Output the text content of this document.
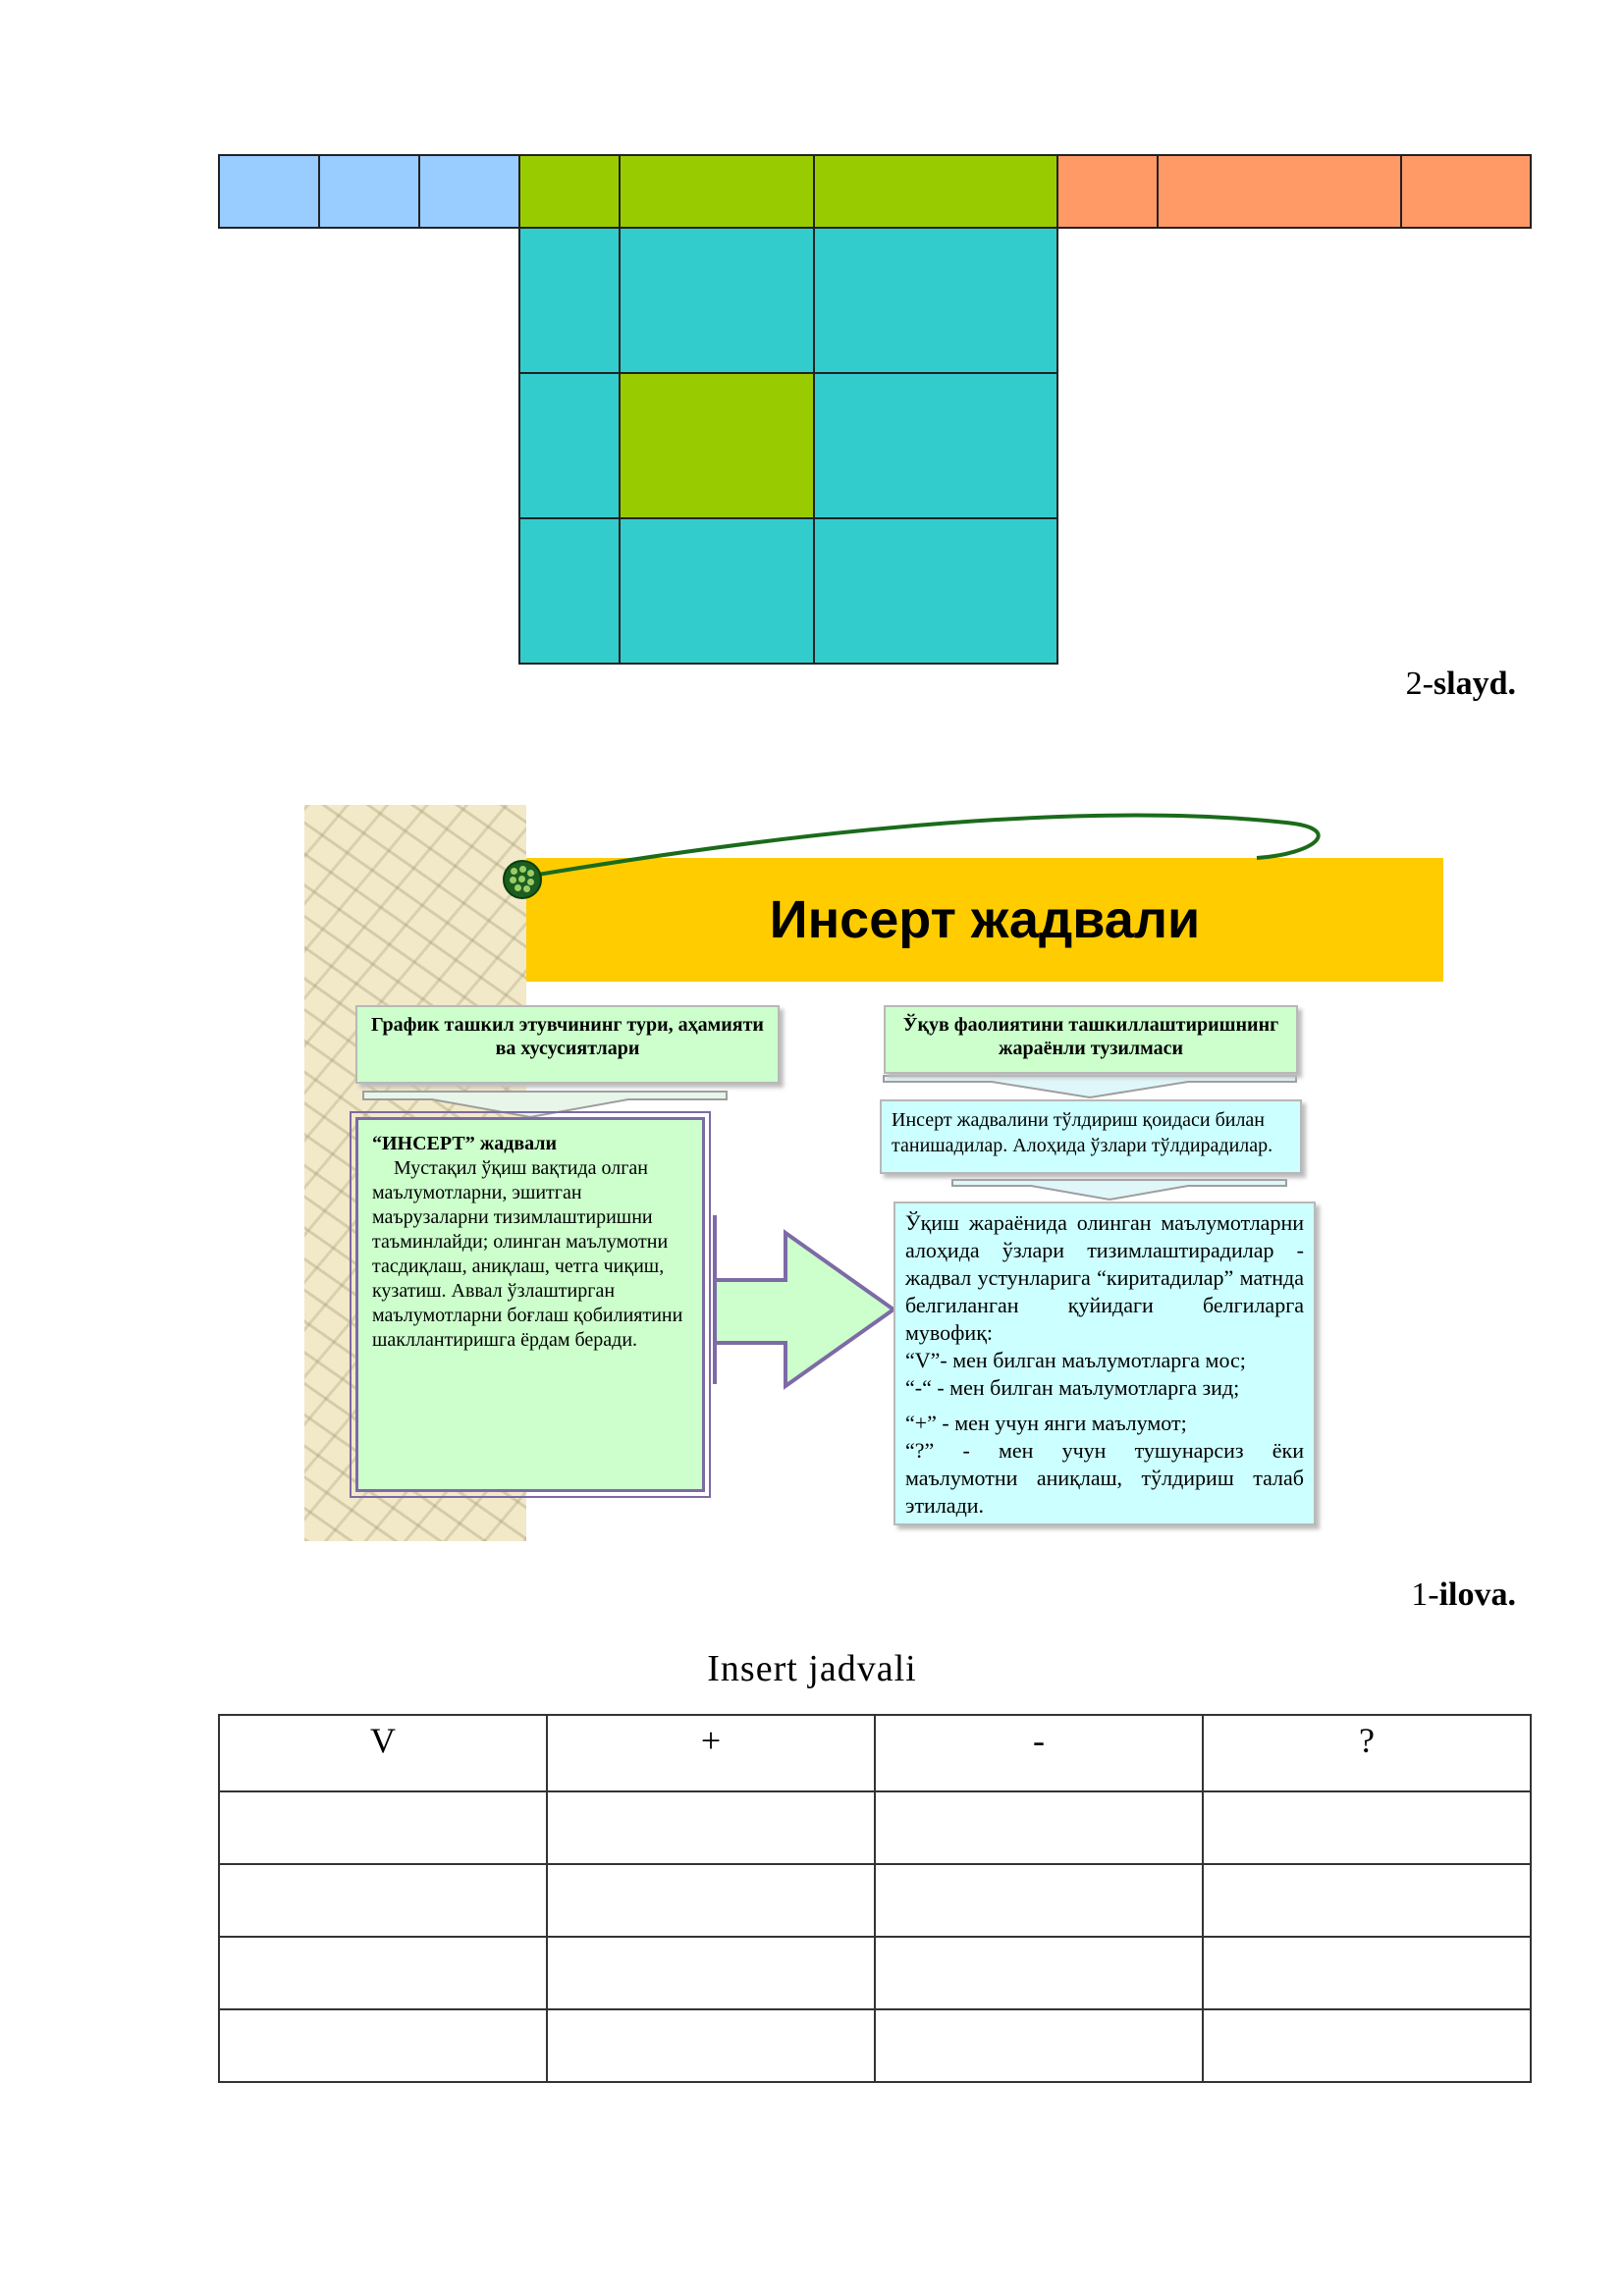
2-slayd.
Инсерт жадвали
График ташкил этувчининг тури, аҳамияти ва хусусиятлари
Ўқув фаолиятини ташкиллаштиришнинг жараёнли тузилмаси
“ИНСЕРТ” жадвали
Мустақил ўқиш вақтида олган маълумотларни, эшитган маърузаларни тизимлаштиришни таъминлайди; олинган маълумотни тасдиқлаш, аниқлаш, четга чиқиш, кузатиш. Аввал ўзлаштирган маълумотларни боғлаш қобилиятини шакллантиришга ёрдам беради.
Инсерт жадвалини тўлдириш қоидаси билан танишадилар. Алоҳида ўзлари тўлдирадилар.
Ўқиш жараёнида олинган маълумотларни алоҳида ўзлари тизимлаштирадилар - жадвал устунларига “киритадилар” матнда белгиланган қуйидаги белгиларга мувофиқ:
“V”- мен билган маълумотларга мос;
“-“ - мен билган маълумотларга зид;
“+” - мен учун янги маълумот;
“?” - мен учун тушунарсиз ёки маълумотни аниқлаш, тўлдириш талаб этилади.
1-ilova.
Insert jadvali
V	+	-	?
